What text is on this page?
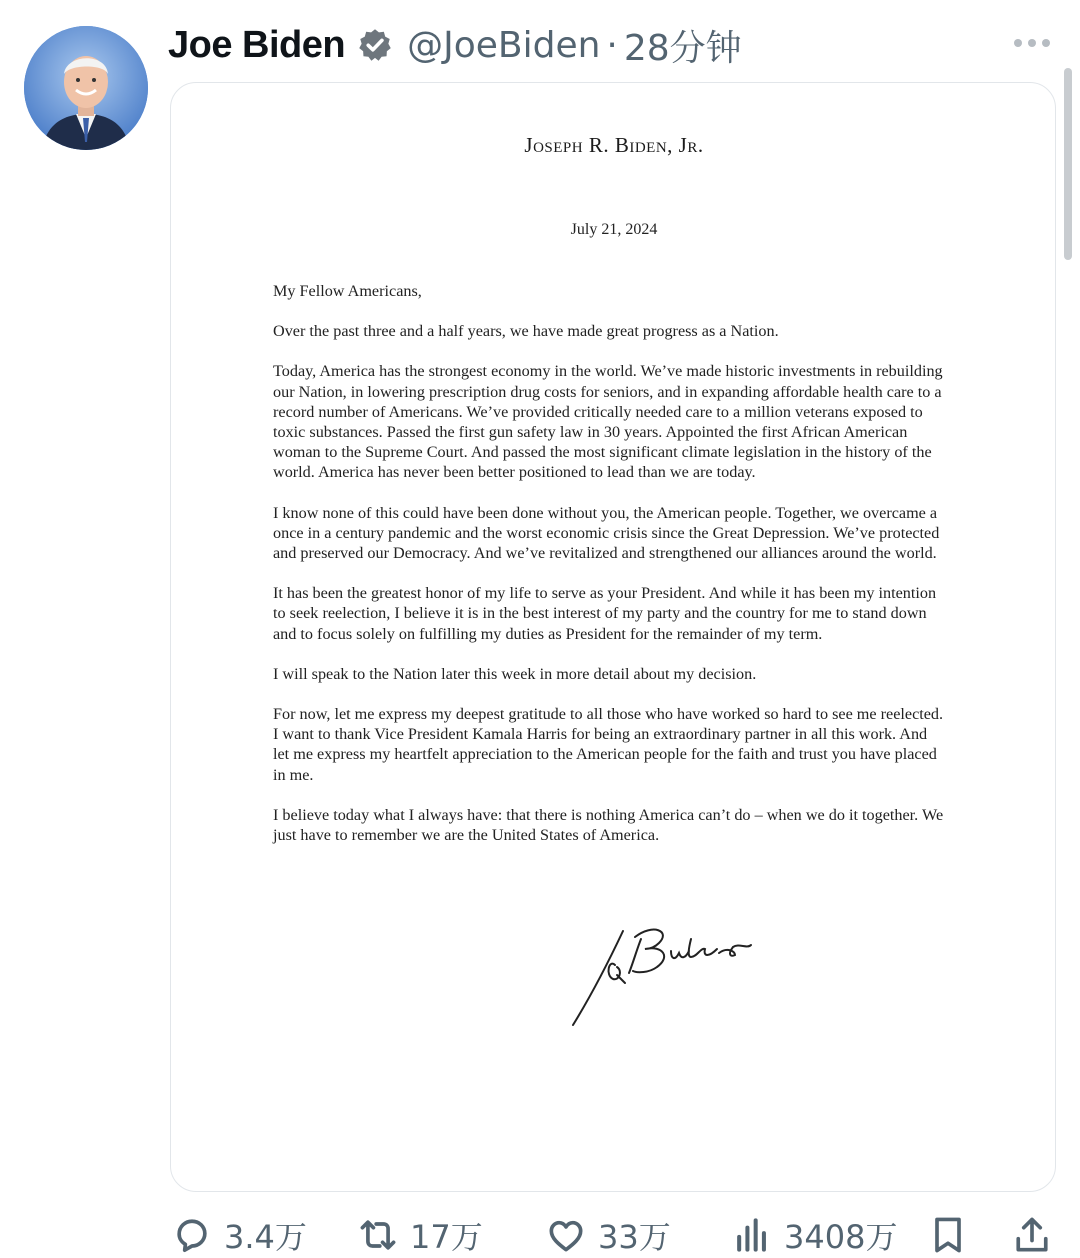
Joe Biden @JoeBiden · 28分钟
Joseph R. Biden, Jr.
July 21, 2024

My Fellow Americans,

Over the past three and a half years, we have made great progress as a Nation.

Today, America has the strongest economy in the world. We’ve made historic investments in rebuilding our Nation, in lowering prescription drug costs for seniors, and in expanding affordable health care to a record number of Americans. We’ve provided critically needed care to a million veterans exposed to toxic substances. Passed the first gun safety law in 30 years. Appointed the first African American woman to the Supreme Court. And passed the most significant climate legislation in the history of the world. America has never been better positioned to lead than we are today.

I know none of this could have been done without you, the American people. Together, we overcame a once in a century pandemic and the worst economic crisis since the Great Depression. We’ve protected and preserved our Democracy. And we’ve revitalized and strengthened our alliances around the world.

It has been the greatest honor of my life to serve as your President. And while it has been my intention to seek reelection, I believe it is in the best interest of my party and the country for me to stand down and to focus solely on fulfilling my duties as President for the remainder of my term.

I will speak to the Nation later this week in more detail about my decision.

For now, let me express my deepest gratitude to all those who have worked so hard to see me reelected. I want to thank Vice President Kamala Harris for being an extraordinary partner in all this work. And let me express my heartfelt appreciation to the American people for the faith and trust you have placed in me.

I believe today what I always have: that there is nothing America can’t do – when we do it together. We just have to remember we are the United States of America.

3.4万	17万	33万	3408万
